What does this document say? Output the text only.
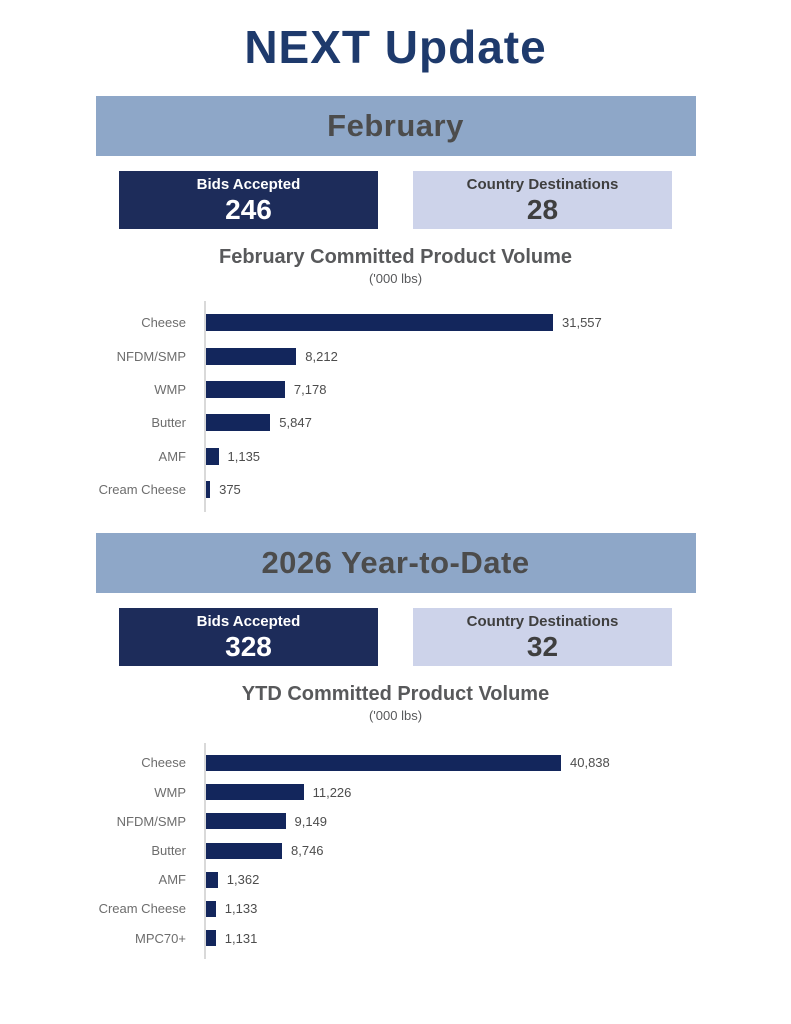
NEXT Update
February
Bids Accepted
246
Country Destinations
28
February Committed Product Volume
('000 lbs)
Cheese	31,557
NFDM/SMP	8,212
WMP	7,178
Butter	5,847
AMF	1,135
Cream Cheese	375
2026 Year-to-Date
Bids Accepted
328
Country Destinations
32
YTD Committed Product Volume
('000 lbs)
Cheese	40,838
WMP	11,226
NFDM/SMP	9,149
Butter	8,746
AMF	1,362
Cream Cheese	1,133
MPC70+	1,131
